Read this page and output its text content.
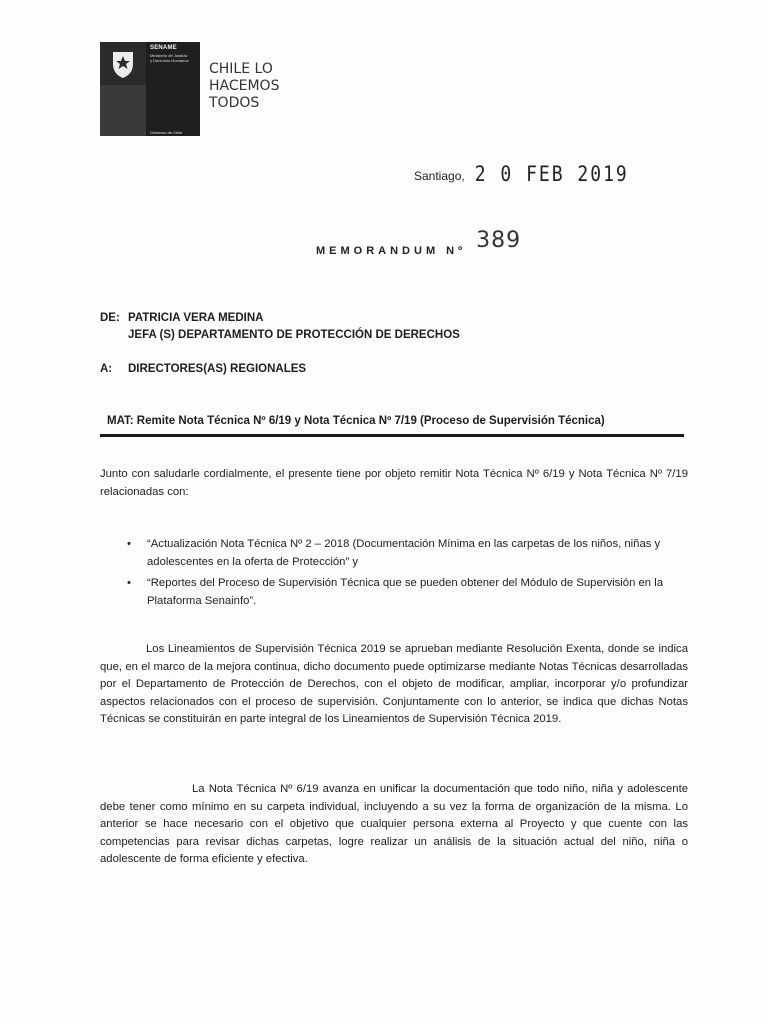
SENAME
Ministerio de Justicia
y Derechos Humanos
Gobierno de Chile
CHILE LO
HACEMOS
TODOS
Santiago, 2 0 FEB 2019
MEMORANDUM Nº 389
DE: PATRICIA VERA MEDINA
JEFA (S) DEPARTAMENTO DE PROTECCIÓN DE DERECHOS
A: DIRECTORES(AS) REGIONALES
MAT: Remite Nota Técnica Nº 6/19 y Nota Técnica Nº 7/19 (Proceso de Supervisión Técnica)
Junto con saludarle cordialmente, el presente tiene por objeto remitir Nota Técnica Nº 6/19 y Nota Técnica Nº 7/19 relacionadas con:
•	“Actualización Nota Técnica Nº 2 – 2018 (Documentación Mínima en las carpetas de los niños, niñas y adolescentes en la oferta de Protección” y
•	“Reportes del Proceso de Supervisión Técnica que se pueden obtener del Módulo de Supervisión en la Plataforma Senainfo”.
Los Lineamientos de Supervisión Técnica 2019 se aprueban mediante Resolución Exenta, donde se indica que, en el marco de la mejora continua, dicho documento puede optimizarse mediante Notas Técnicas desarrolladas por el Departamento de Protección de Derechos, con el objeto de modificar, ampliar, incorporar y/o profundizar aspectos relacionados con el proceso de supervisión. Conjuntamente con lo anterior, se indica que dichas Notas Técnicas se constituirán en parte integral de los Lineamientos de Supervisión Técnica 2019.
La Nota Técnica Nº 6/19 avanza en unificar la documentación que todo niño, niña y adolescente debe tener como mínimo en su carpeta individual, incluyendo a su vez la forma de organización de la misma. Lo anterior se hace necesario con el objetivo que cualquier persona externa al Proyecto y que cuente con las competencias para revisar dichas carpetas, logre realizar un análisis de la situación actual del niño, niña o adolescente de forma eficiente y efectiva.
